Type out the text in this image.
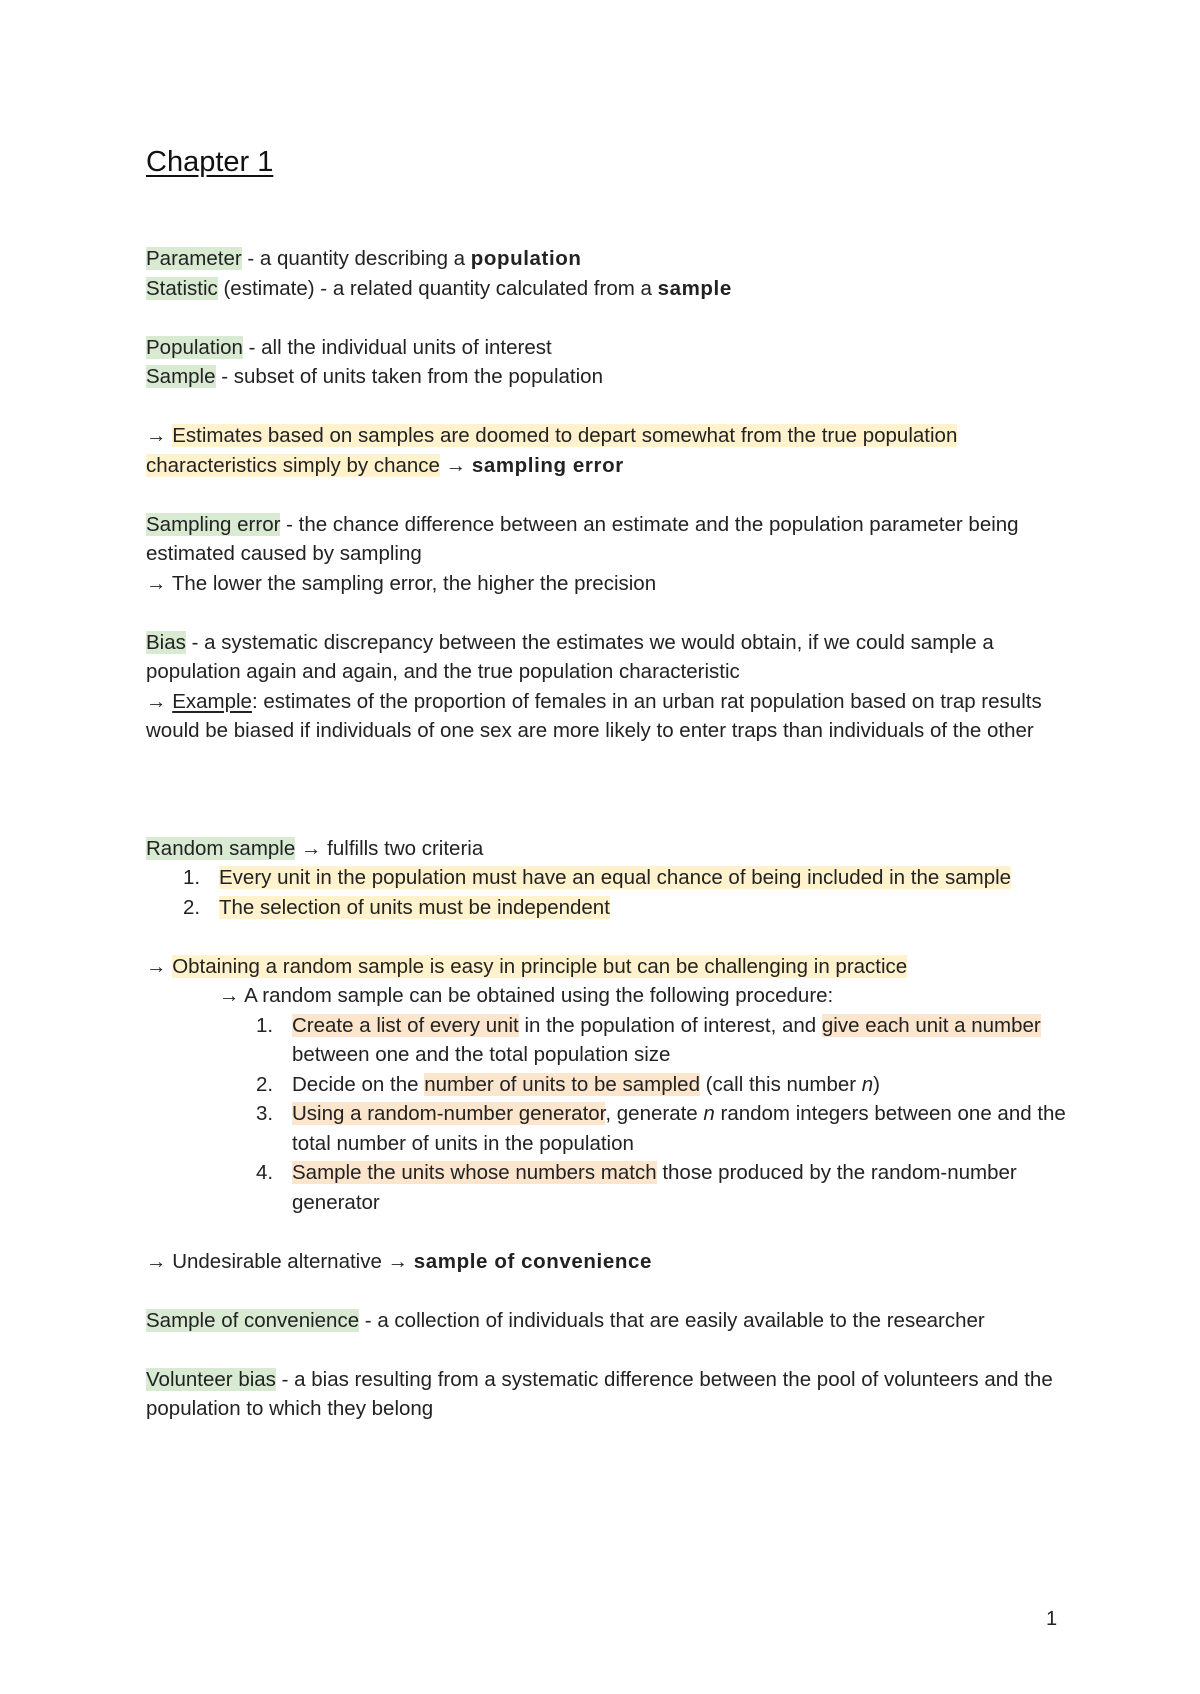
Chapter 1

Parameter - a quantity describing a population

Statistic (estimate) - a related quantity calculated from a sample

Population - all the individual units of interest

Sample - subset of units taken from the population

→ Estimates based on samples are doomed to depart somewhat from the true population characteristics simply by chance → sampling error

Sampling error - the chance difference between an estimate and the population parameter being estimated caused by sampling

→ The lower the sampling error, the higher the precision

Bias - a systematic discrepancy between the estimates we would obtain, if we could sample a population again and again, and the true population characteristic

→ Example: estimates of the proportion of females in an urban rat population based on trap results would be biased if individuals of one sex are more likely to enter traps than individuals of the other

Random sample → fulfills two criteria

1. Every unit in the population must have an equal chance of being included in the sample
2. The selection of units must be independent

→ Obtaining a random sample is easy in principle but can be challenging in practice

→ A random sample can be obtained using the following procedure:

1. Create a list of every unit in the population of interest, and give each unit a number between one and the total population size
2. Decide on the number of units to be sampled (call this number n)
3. Using a random-number generator, generate n random integers between one and the total number of units in the population
4. Sample the units whose numbers match those produced by the random-number generator

→ Undesirable alternative → sample of convenience

Sample of convenience - a collection of individuals that are easily available to the researcher

Volunteer bias - a bias resulting from a systematic difference between the pool of volunteers and the population to which they belong

1
